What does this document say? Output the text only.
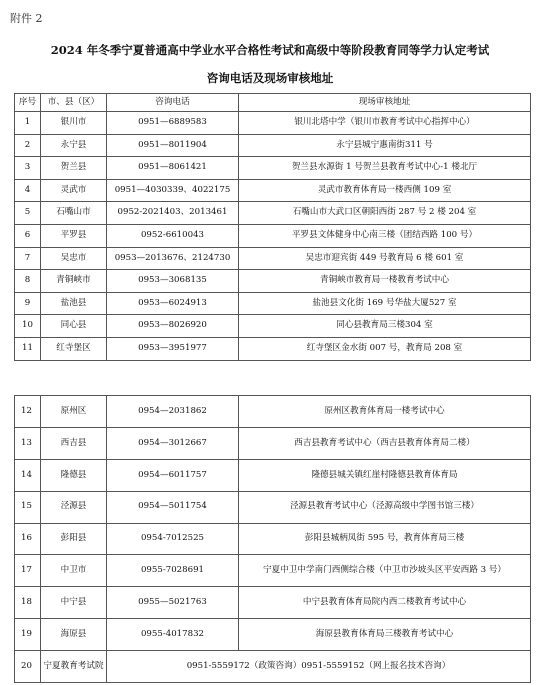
附件 2
2024 年冬季宁夏普通高中学业水平合格性考试和高级中等阶段教育同等学力认定考试
咨询电话及现场审核地址
序号	市、县（区）	咨询电话	现场审核地址
1	银川市	0951—6889583	银川北塔中学（银川市教育考试中心指挥中心）
2	永宁县	0951—8011904	永宁县城宁惠南街311 号
3	贺兰县	0951—8061421	贺兰县水源街 1 号贺兰县教育考试中心-1 楼北厅
4	灵武市	0951—4030339、4022175	灵武市教育体育局一楼西侧 109 室
5	石嘴山市	0952-2021403、2013461	石嘴山市大武口区朝阳西街 287 号 2 楼 204 室
6	平罗县	0952-6610043	平罗县文体健身中心南三楼（团结西路 100 号）
7	吴忠市	0953—2013676、2124730	吴忠市迎宾街 449 号教育局 6 楼 601 室
8	青铜峡市	0953—3068135	青铜峡市教育局一楼教育考试中心
9	盐池县	0953—6024913	盐池县文化街 169 号华盐大厦527 室
10	同心县	0953—8026920	同心县教育局三楼304 室
11	红寺堡区	0953—3951977	红寺堡区金水街 007 号，教育局 208 室
12	原州区	0954—2031862	原州区教育体育局一楼考试中心
13	西吉县	0954—3012667	西吉县教育考试中心（西吉县教育体育局二楼）
14	隆德县	0954—6011757	隆德县城关镇红崖村隆德县教育体育局
15	泾源县	0954—5011754	泾源县教育考试中心（泾源高级中学图书馆三楼）
16	彭阳县	0954-7012525	彭阳县城柄凤街 595 号，教育体育局三楼
17	中卫市	0955-7028691	宁夏中卫中学南门西侧综合楼（中卫市沙坡头区平安西路 3 号）
18	中宁县	0955—5021763	中宁县教育体育局院内西二楼教育考试中心
19	海原县	0955-4017832	海原县教育体育局三楼教育考试中心
20	宁夏教育考试院	0951-5559172（政策咨询）0951-5559152（网上报名技术咨询）	
